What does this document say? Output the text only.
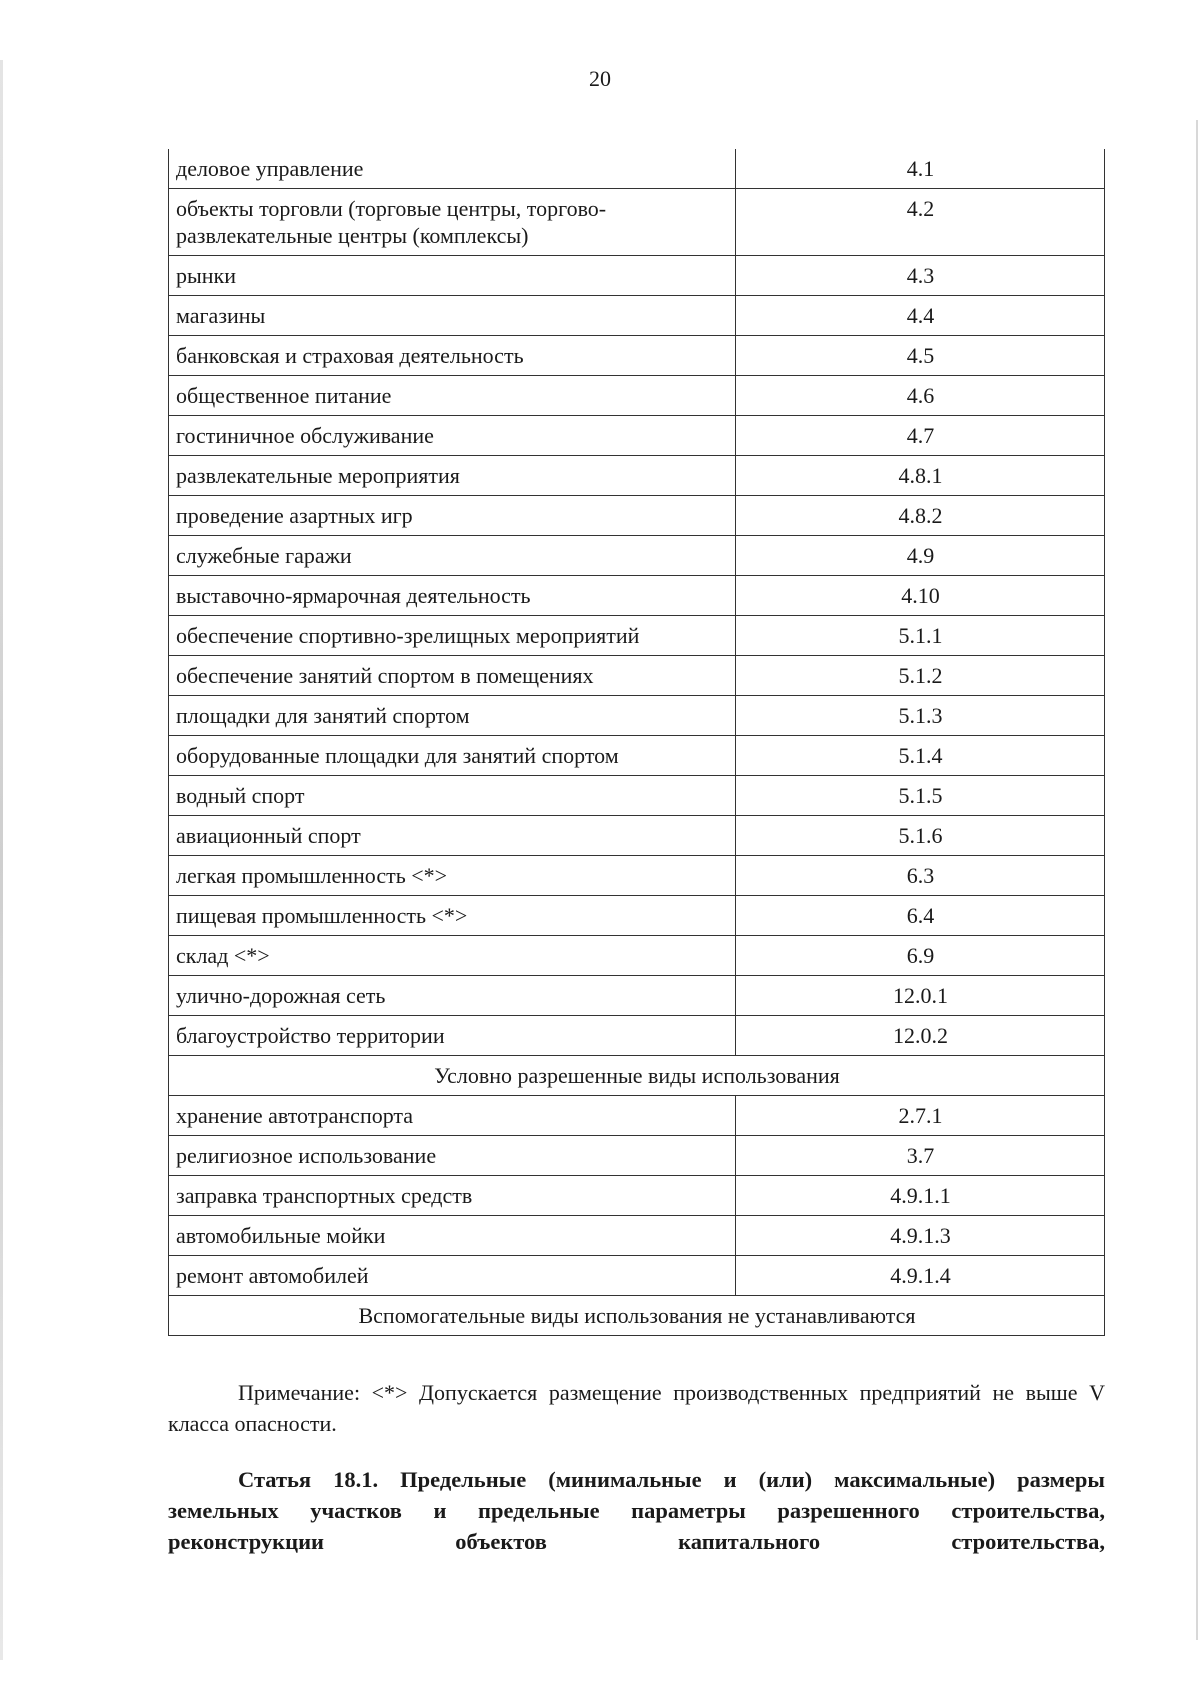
20
деловое управление	4.1
объекты торговли (торговые центры, торгово-развлекательные центры (комплексы)	4.2
рынки	4.3
магазины	4.4
банковская и страховая деятельность	4.5
общественное питание	4.6
гостиничное обслуживание	4.7
развлекательные мероприятия	4.8.1
проведение азартных игр	4.8.2
служебные гаражи	4.9
выставочно-ярмарочная деятельность	4.10
обеспечение спортивно-зрелищных мероприятий	5.1.1
обеспечение занятий спортом в помещениях	5.1.2
площадки для занятий спортом	5.1.3
оборудованные площадки для занятий спортом	5.1.4
водный спорт	5.1.5
авиационный спорт	5.1.6
легкая промышленность <*>	6.3
пищевая промышленность <*>	6.4
склад <*>	6.9
улично-дорожная сеть	12.0.1
благоустройство территории	12.0.2
Условно разрешенные виды использования	
хранение автотранспорта	2.7.1
религиозное использование	3.7
заправка транспортных средств	4.9.1.1
автомобильные мойки	4.9.1.3
ремонт автомобилей	4.9.1.4
Вспомогательные виды использования не устанавливаются	

Примечание: <*> Допускается размещение производственных предприятий не выше V класса опасности.

Статья 18.1. Предельные (минимальные и (или) максимальные) размеры земельных участков и предельные параметры разрешенного строительства, реконструкции объектов капитального строительства,
